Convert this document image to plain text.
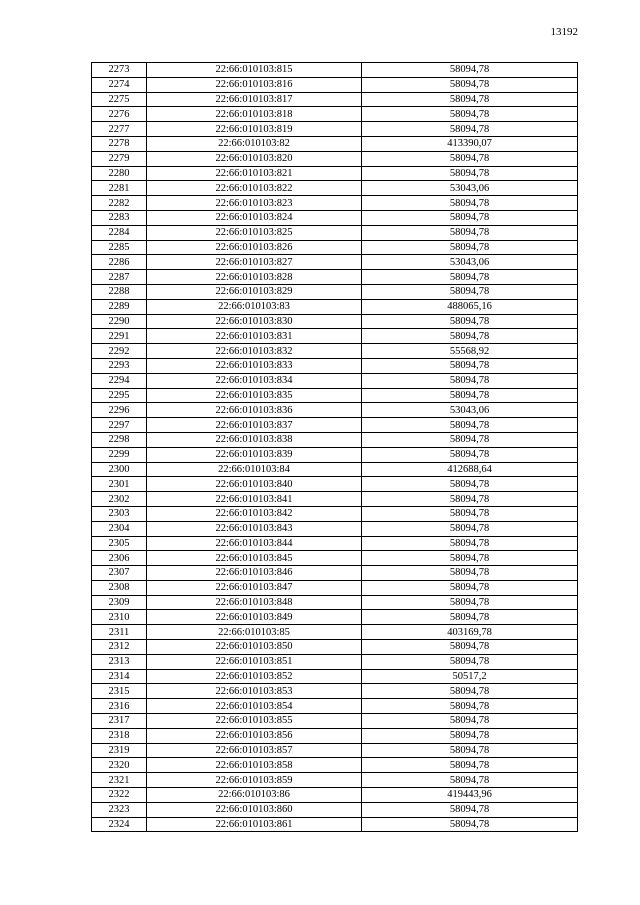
13192
2273	22:66:010103:815	58094,78
2274	22:66:010103:816	58094,78
2275	22:66:010103:817	58094,78
2276	22:66:010103:818	58094,78
2277	22:66:010103:819	58094,78
2278	22:66:010103:82	413390,07
2279	22:66:010103:820	58094,78
2280	22:66:010103:821	58094,78
2281	22:66:010103:822	53043,06
2282	22:66:010103:823	58094,78
2283	22:66:010103:824	58094,78
2284	22:66:010103:825	58094,78
2285	22:66:010103:826	58094,78
2286	22:66:010103:827	53043,06
2287	22:66:010103:828	58094,78
2288	22:66:010103:829	58094,78
2289	22:66:010103:83	488065,16
2290	22:66:010103:830	58094,78
2291	22:66:010103:831	58094,78
2292	22:66:010103:832	55568,92
2293	22:66:010103:833	58094,78
2294	22:66:010103:834	58094,78
2295	22:66:010103:835	58094,78
2296	22:66:010103:836	53043,06
2297	22:66:010103:837	58094,78
2298	22:66:010103:838	58094,78
2299	22:66:010103:839	58094,78
2300	22:66:010103:84	412688,64
2301	22:66:010103:840	58094,78
2302	22:66:010103:841	58094,78
2303	22:66:010103:842	58094,78
2304	22:66:010103:843	58094,78
2305	22:66:010103:844	58094,78
2306	22:66:010103:845	58094,78
2307	22:66:010103:846	58094,78
2308	22:66:010103:847	58094,78
2309	22:66:010103:848	58094,78
2310	22:66:010103:849	58094,78
2311	22:66:010103:85	403169,78
2312	22:66:010103:850	58094,78
2313	22:66:010103:851	58094,78
2314	22:66:010103:852	50517,2
2315	22:66:010103:853	58094,78
2316	22:66:010103:854	58094,78
2317	22:66:010103:855	58094,78
2318	22:66:010103:856	58094,78
2319	22:66:010103:857	58094,78
2320	22:66:010103:858	58094,78
2321	22:66:010103:859	58094,78
2322	22:66:010103:86	419443,96
2323	22:66:010103:860	58094,78
2324	22:66:010103:861	58094,78
